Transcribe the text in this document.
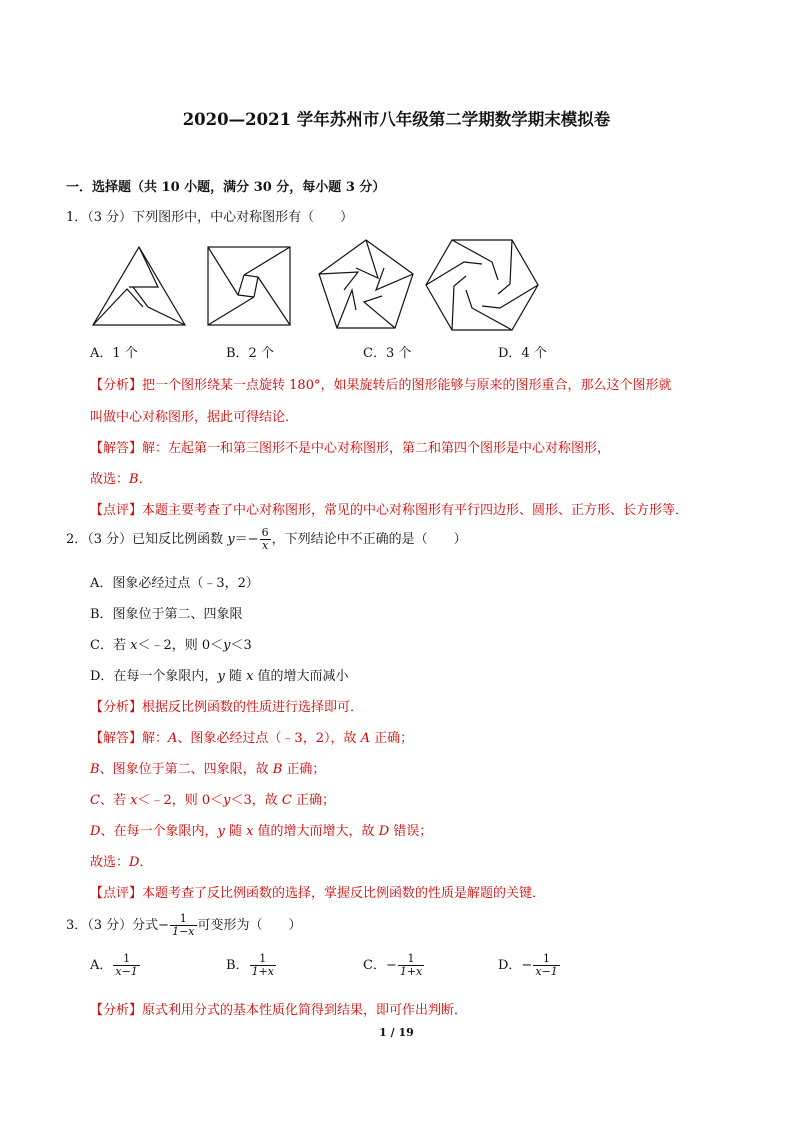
2020—2021 学年苏州市八年级第二学期数学期末模拟卷
一．选择题（共 10 小题，满分 30 分，每小题 3 分）
1．（3 分）下列图形中，中心对称图形有（　　）
A．1 个	B．2 个	C．3 个	D．4 个
【分析】把一个图形绕某一点旋转 180°，如果旋转后的图形能够与原来的图形重合，那么这个图形就
叫做中心对称图形，据此可得结论．
【解答】解：左起第一和第三图形不是中心对称图形，第二和第四个图形是中心对称图形，
故选：B．
【点评】本题主要考查了中心对称图形，常见的中心对称图形有平行四边形、圆形、正方形、长方形等．
2．（3 分）已知反比例函数 $y=- \frac{6}{x}$ ，下列结论中不正确的是（　　）
A．图象必经过点（﹣3，2）
B．图象位于第二、四象限
C．若 x＜﹣2，则 0＜y＜3
D．在每一个象限内，y 随 x 值的增大而减小
【分析】根据反比例函数的性质进行选择即可．
【解答】解：A、图象必经过点（﹣3，2），故 A 正确；
B、图象位于第二、四象限，故 B 正确；
C、若 x＜﹣2，则 0＜y＜3，故 C 正确；
D、在每一个象限内，y 随 x 值的增大而增大，故 D 错误；
故选：D．
【点评】本题考查了反比例函数的选择，掌握反比例函数的性质是解题的关键．
3．（3 分）分式− $\frac{1}{1-x}$ 可变形为（　　）
A． $\frac{1}{x-1}$	B． $\frac{1}{1+x}$	C．− $\frac{1}{1+x}$	D．− $\frac{1}{x-1}$
【分析】原式利用分式的基本性质化简得到结果，即可作出判断．
1 / 19
